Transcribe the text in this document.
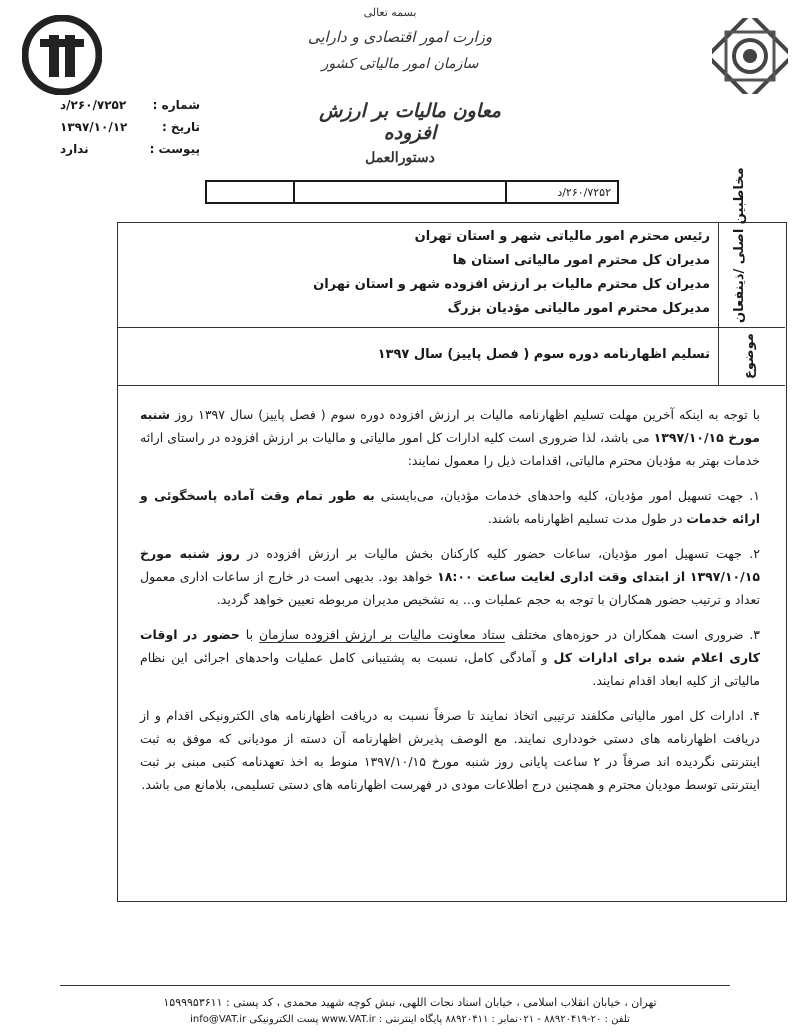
بسمه تعالی
وزارت امور اقتصادی و دارایی
سازمان امور مالیاتی کشور
معاون مالیات بر ارزش افزوده
دستورالعمل
شماره :
۲۶۰/۷۲۵۲/د
تاریخ :
۱۳۹۷/۱۰/۱۲
پیوست :
ندارد
۲۶۰/۷۲۵۲/د	مخاطبین اصلی /ذینفعان
موضوع
رئیس محترم امور مالیاتی شهر و استان تهران
مدیران کل محترم امور مالیاتی استان ها
مدیران کل محترم مالیات بر ارزش افزوده شهر و استان تهران
مدیرکل محترم امور مالیاتی مؤدیان بزرگ
تسلیم اظهارنامه دوره سوم ( فصل پاییز) سال ۱۳۹۷

با توجه به اینکه آخرین مهلت تسلیم اظهارنامه مالیات بر ارزش افزوده دوره سوم ( فصل پاییز) سال ۱۳۹۷ روز شنبه مورخ ۱۳۹۷/۱۰/۱۵ می باشد، لذا ضروری است کلیه ادارات کل امور مالیاتی و مالیات بر ارزش افزوده در راستای ارائه خدمات بهتر به مؤدیان محترم مالیاتی، اقدامات ذیل را معمول نمایند:

۱. جهت تسهیل امور مؤدیان، کلیه واحدهای خدمات مؤدیان، می‌بایستی به طور تمام وقت آماده پاسخگوئی و ارائه خدمات در طول مدت تسلیم اظهارنامه باشند.

۲. جهت تسهیل امور مؤدیان، ساعات حضور کلیه کارکنان بخش مالیات بر ارزش افزوده در روز شنبه مورخ ۱۳۹۷/۱۰/۱۵ از ابتدای وقت اداری لغایت ساعت ۱۸:۰۰ خواهد بود. بدیهی است در خارج از ساعات اداری معمول تعداد و ترتیب حضور همکاران با توجه به حجم عملیات و... به تشخیص مدیران مربوطه تعیین خواهد گردید.

۳. ضروری است همکاران در حوزه‌های مختلف ستاد معاونت مالیات بر ارزش افزوده سازمان با حضور در اوقات کاری اعلام شده برای ادارات کل و آمادگی کامل، نسبت به پشتیبانی کامل عملیات واحدهای اجرائی این نظام مالیاتی از کلیه ابعاد اقدام نمایند.

۴. ادارات کل امور مالیاتی مکلفند ترتیبی اتخاذ نمایند تا صرفاً نسبت به دریافت اظهارنامه های الکترونیکی اقدام و از دریافت اظهارنامه های دستی خودداری نمایند. مع الوصف پذیرش اظهارنامه آن دسته از مودیانی که موفق به ثبت اینترنتی نگردیده اند صرفاً در ۲ ساعت پایانی روز شنبه مورخ ۱۳۹۷/۱۰/۱۵ منوط به اخذ تعهدنامه کتبی مبنی بر ثبت اینترنتی توسط مودیان محترم و همچنین درج اطلاعات مودی در فهرست اظهارنامه های دستی تسلیمی، بلامانع می باشد.

تهران ، خیابان انقلاب اسلامی ، خیابان استاد نجات اللهی، نبش کوچه شهید محمدی ، کد پستی : ۱۵۹۹۹۵۳۶۱۱
تلفن : ۲۰-۸۸۹۲۰۴۱۹ - ۰۲۱نمابر : ۸۸۹۲۰۴۱۱ پایگاه اینترنتی : www.VAT.ir پست الکترونیکی info@VAT.ir
